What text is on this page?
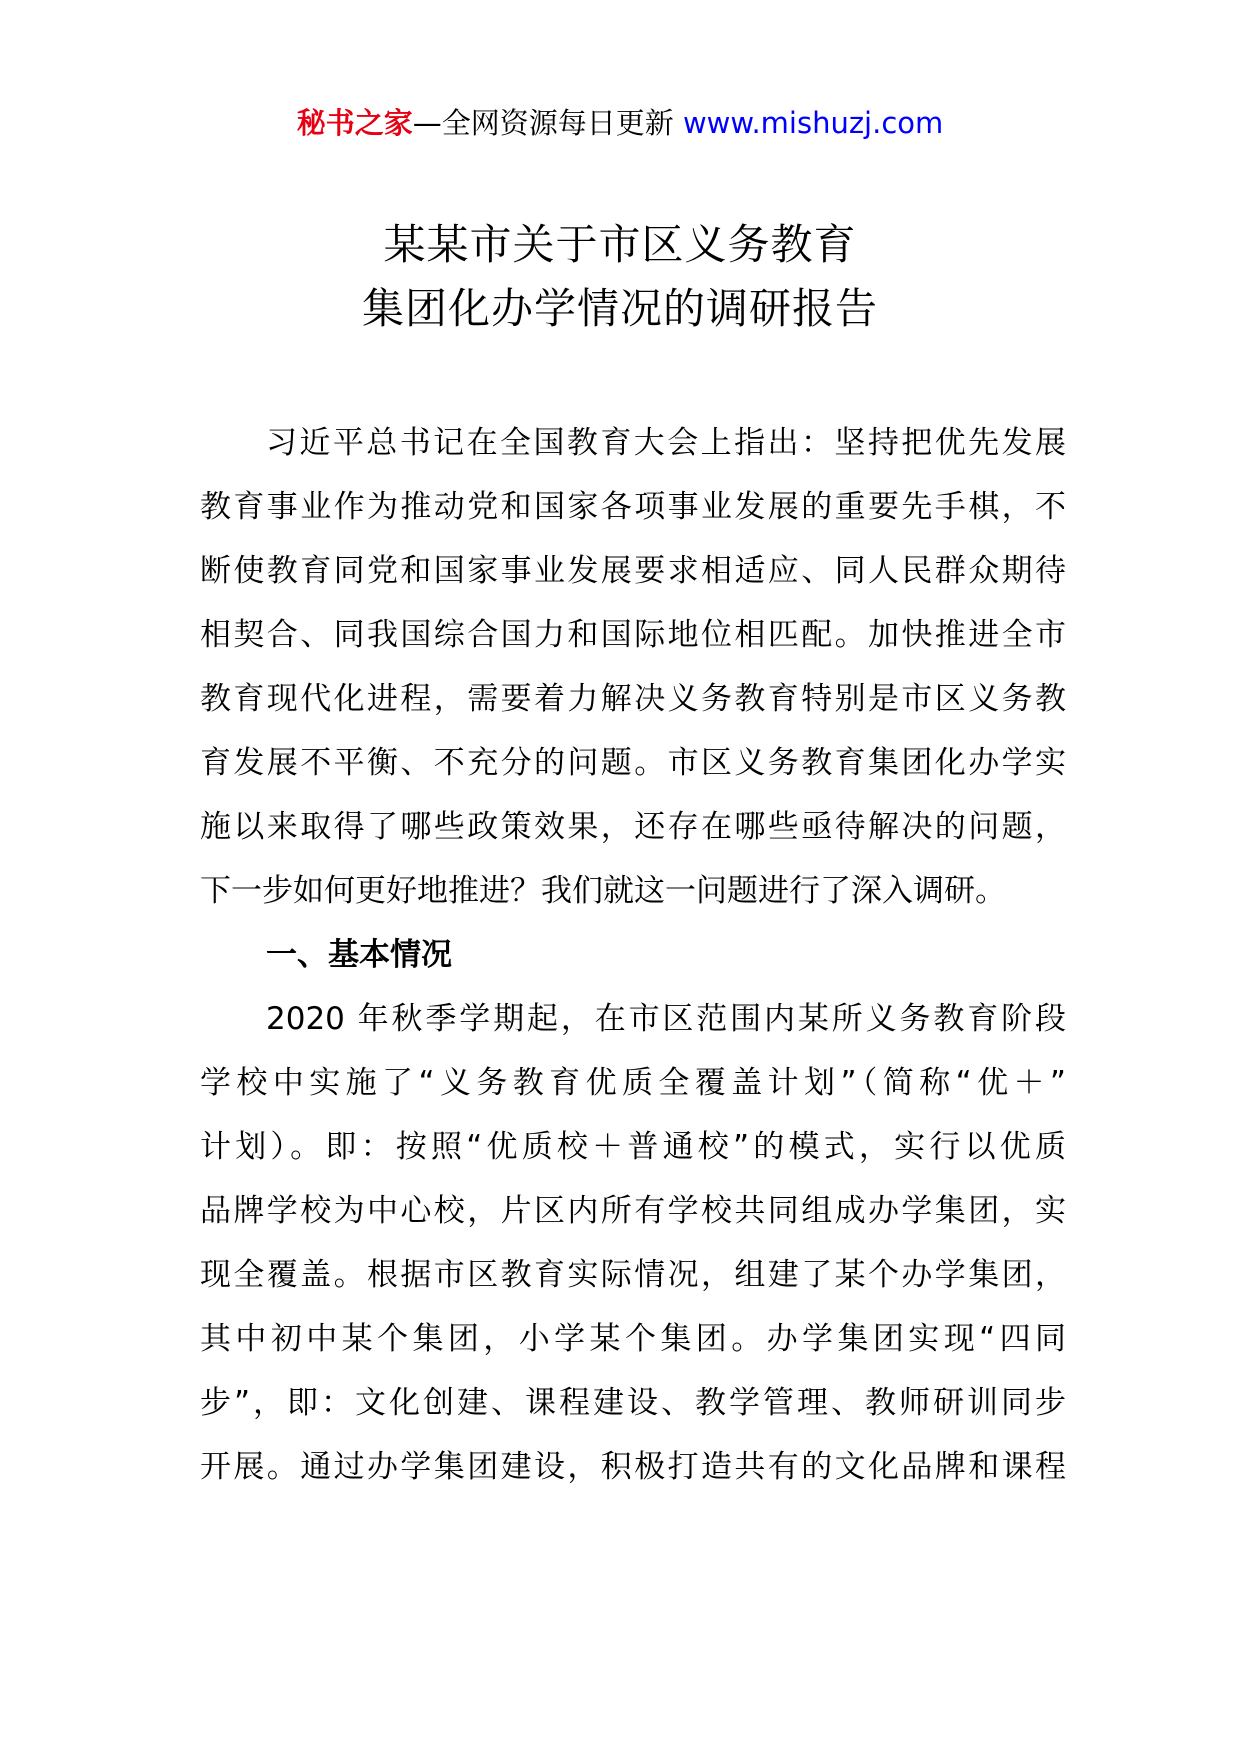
秘书之家—全网资源每日更新 www.mishuzj.com
某某市关于市区义务教育
集团化办学情况的调研报告
习近平总书记在全国教育大会上指出：坚持把优先发展
教育事业作为推动党和国家各项事业发展的重要先手棋，不
断使教育同党和国家事业发展要求相适应、同人民群众期待
相契合、同我国综合国力和国际地位相匹配。加快推进全市
教育现代化进程，需要着力解决义务教育特别是市区义务教
育发展不平衡、不充分的问题。市区义务教育集团化办学实
施以来取得了哪些政策效果，还存在哪些亟待解决的问题，
下一步如何更好地推进？我们就这一问题进行了深入调研。
一、基本情况
2020 年秋季学期起，在市区范围内某所义务教育阶段
学校中实施了“义务教育优质全覆盖计划”（简称“优＋”
计划）。即：按照“优质校＋普通校”的模式，实行以优质
品牌学校为中心校，片区内所有学校共同组成办学集团，实
现全覆盖。根据市区教育实际情况，组建了某个办学集团，
其中初中某个集团，小学某个集团。办学集团实现“四同
步”，即：文化创建、课程建设、教学管理、教师研训同步
开展。通过办学集团建设，积极打造共有的文化品牌和课程
